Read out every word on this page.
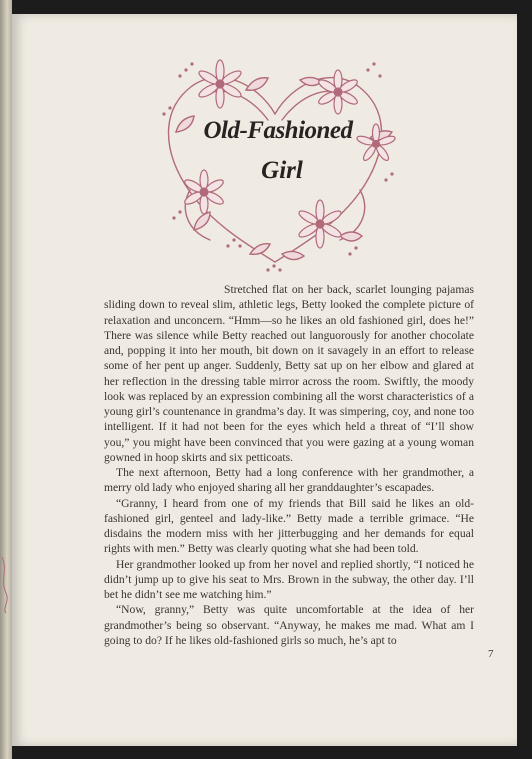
Old-Fashioned
Girl

Stretched flat on her back, scarlet lounging pajamas sliding down to reveal slim, athletic legs, Betty looked the complete picture of relaxation and unconcern. “Hmm—so he likes an old fashioned girl, does he!” There was silence while Betty reached out languorously for another chocolate and, popping it into her mouth, bit down on it savagely in an effort to release some of her pent up anger. Suddenly, Betty sat up on her elbow and glared at her reflection in the dressing table mirror across the room. Swiftly, the moody look was replaced by an expression combining all the worst characteristics of a young girl’s countenance in grandma’s day. It was simpering, coy, and none too intelligent. If it had not been for the eyes which held a threat of “I’ll show you,” you might have been convinced that you were gazing at a young woman gowned in hoop skirts and six petticoats.

The next afternoon, Betty had a long conference with her grandmother, a merry old lady who enjoyed sharing all her granddaughter’s escapades.

“Granny, I heard from one of my friends that Bill said he likes an old-fashioned girl, genteel and lady-like.” Betty made a terrible grimace. “He disdains the modern miss with her jitterbugging and her demands for equal rights with men.” Betty was clearly quoting what she had been told.

Her grandmother looked up from her novel and replied shortly, “I noticed he didn’t jump up to give his seat to Mrs. Brown in the subway, the other day. I’ll bet he didn’t see me watching him.”

“Now, granny,” Betty was quite uncomfortable at the idea of her grandmother’s being so observant. “Anyway, he makes me mad. What am I going to do? If he likes old-fashioned girls so much, he’s apt to

7
